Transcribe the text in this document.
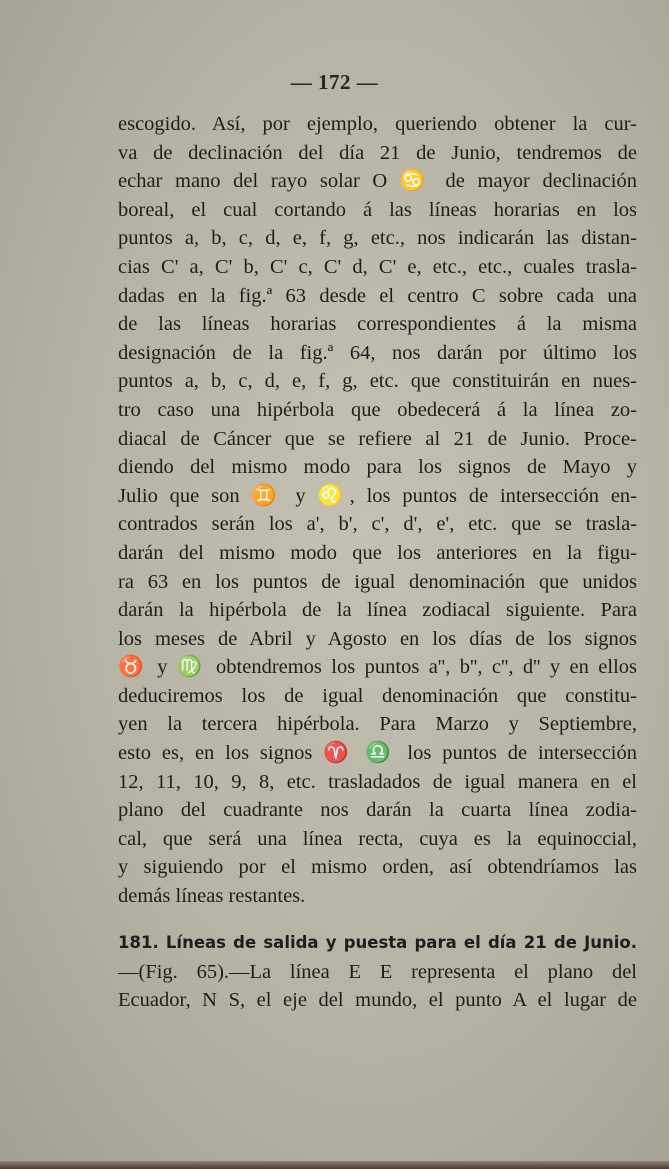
— 172 —
escogido. Así, por ejemplo, queriendo obtener la cur-
va de declinación del día 21 de Junio, tendremos de
echar mano del rayo solar O ♋ de mayor declinación
boreal, el cual cortando á las líneas horarias en los
puntos a, b, c, d, e, f, g, etc., nos indicarán las distan-
cias C' a, C' b, C' c, C' d, C' e, etc., etc., cuales trasla-
dadas en la fig.ª 63 desde el centro C sobre cada una
de las líneas horarias correspondientes á la misma
designación de la fig.ª 64, nos darán por último los
puntos a, b, c, d, e, f, g, etc. que constituirán en nues-
tro caso una hipérbola que obedecerá á la línea zo-
diacal de Cáncer que se refiere al 21 de Junio. Proce-
diendo del mismo modo para los signos de Mayo y
Julio que son ♊ y ♌, los puntos de intersección en-
contrados serán los a', b', c', d', e', etc. que se trasla-
darán del mismo modo que los anteriores en la figu-
ra 63 en los puntos de igual denominación que unidos
darán la hipérbola de la línea zodiacal siguiente. Para
los meses de Abril y Agosto en los días de los signos
♉ y ♍ obtendremos los puntos a'', b'', c'', d'' y en ellos
deduciremos los de igual denominación que constitu-
yen la tercera hipérbola. Para Marzo y Septiembre,
esto es, en los signos ♈ ♎ los puntos de intersección
12, 11, 10, 9, 8, etc. trasladados de igual manera en el
plano del cuadrante nos darán la cuarta línea zodia-
cal, que será una línea recta, cuya es la equinoccial,
y siguiendo por el mismo orden, así obtendríamos las
demás líneas restantes.
181. Líneas de salida y puesta para el día 21 de Junio.
—(Fig. 65).—La línea E E representa el plano del
Ecuador, N S, el eje del mundo, el punto A el lugar de
